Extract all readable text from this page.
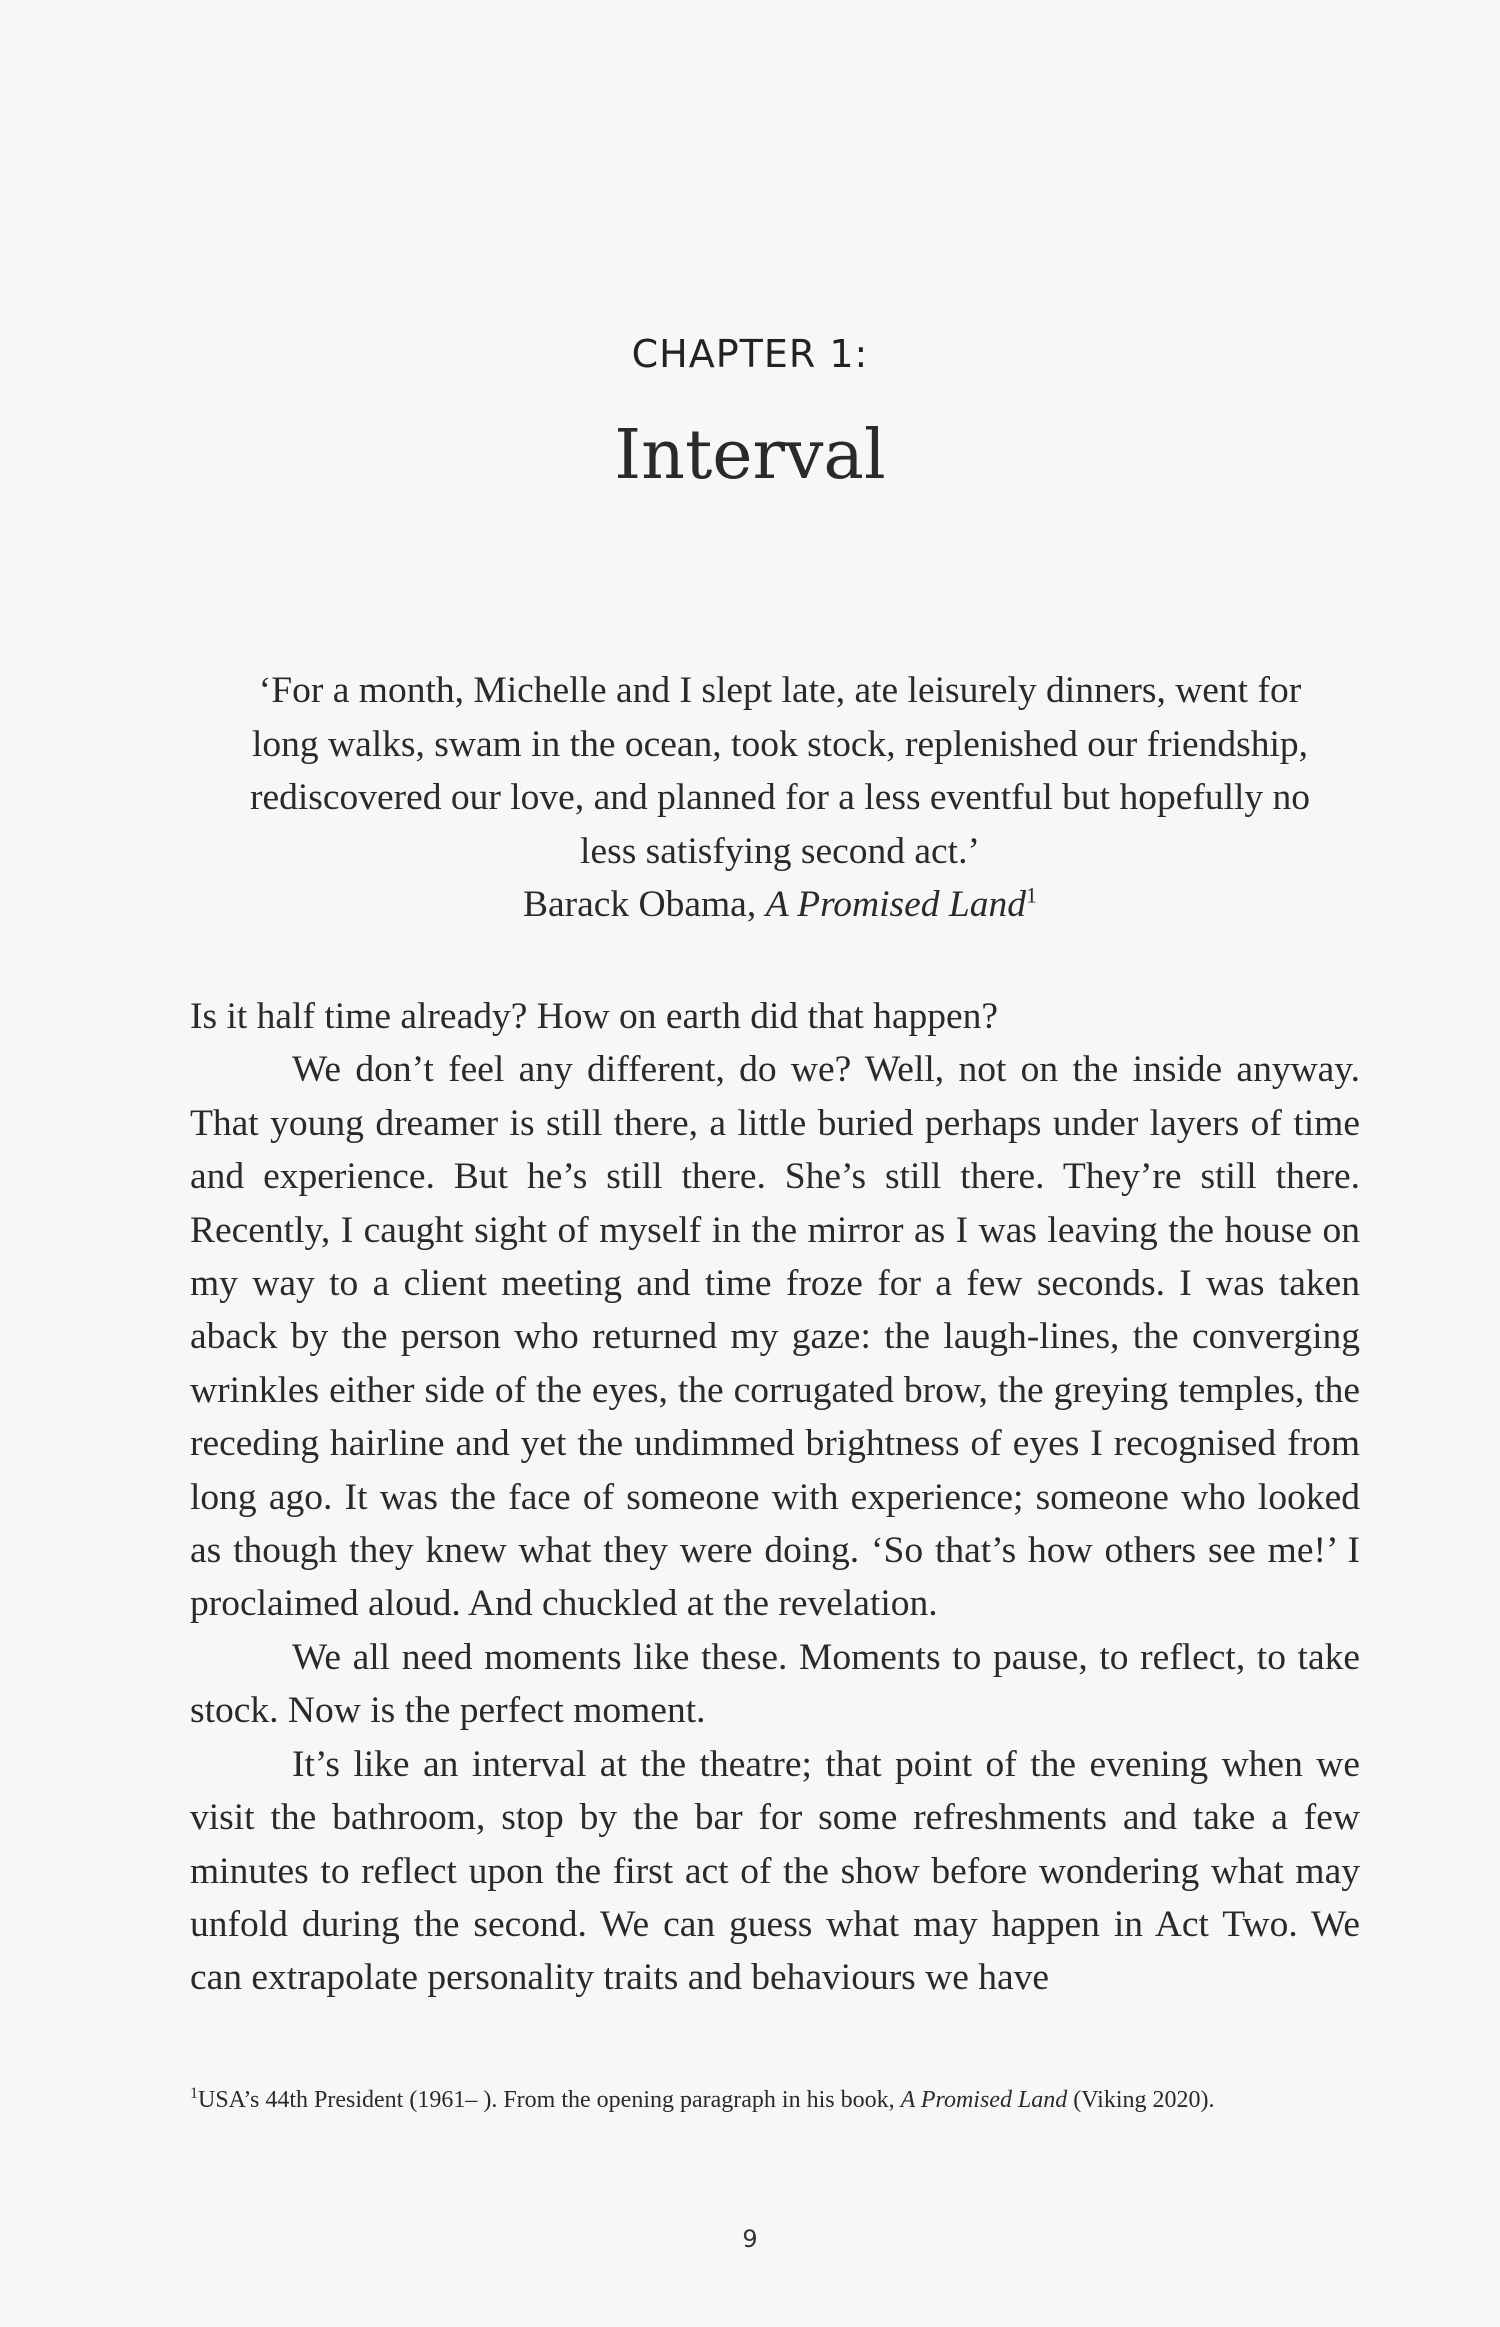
CHAPTER 1:
Interval
‘For a month, Michelle and I slept late, ate leisurely dinners, went for
long walks, swam in the ocean, took stock, replenished our friendship,
rediscovered our love, and planned for a less eventful but hopefully no
less satisfying second act.’
Barack Obama, A Promised Land$^1$

Is it half time already? How on earth did that happen?

We don’t feel any different, do we? Well, not on the inside anyway. That young dreamer is still there, a little buried perhaps under layers of time and experience. But he’s still there. She’s still there. They’re still there. Recently, I caught sight of myself in the mirror as I was leaving the house on my way to a client meeting and time froze for a few seconds. I was taken aback by the person who returned my gaze: the laugh-lines, the converging wrinkles either side of the eyes, the corrugated brow, the greying temples, the receding hairline and yet the undimmed brightness of eyes I recognised from long ago. It was the face of someone with experience; someone who looked as though they knew what they were doing. ‘So that’s how others see me!’ I proclaimed aloud. And chuckled at the revelation.

We all need moments like these. Moments to pause, to reflect, to take stock. Now is the perfect moment.

It’s like an interval at the theatre; that point of the evening when we visit the bathroom, stop by the bar for some refreshments and take a few minutes to reflect upon the first act of the show before wondering what may unfold during the second. We can guess what may happen in Act Two. We can extrapolate personality traits and behaviours we have

$^1$USA’s 44th President (1961– ). From the opening paragraph in his book, A Promised Land (Viking 2020).
9
